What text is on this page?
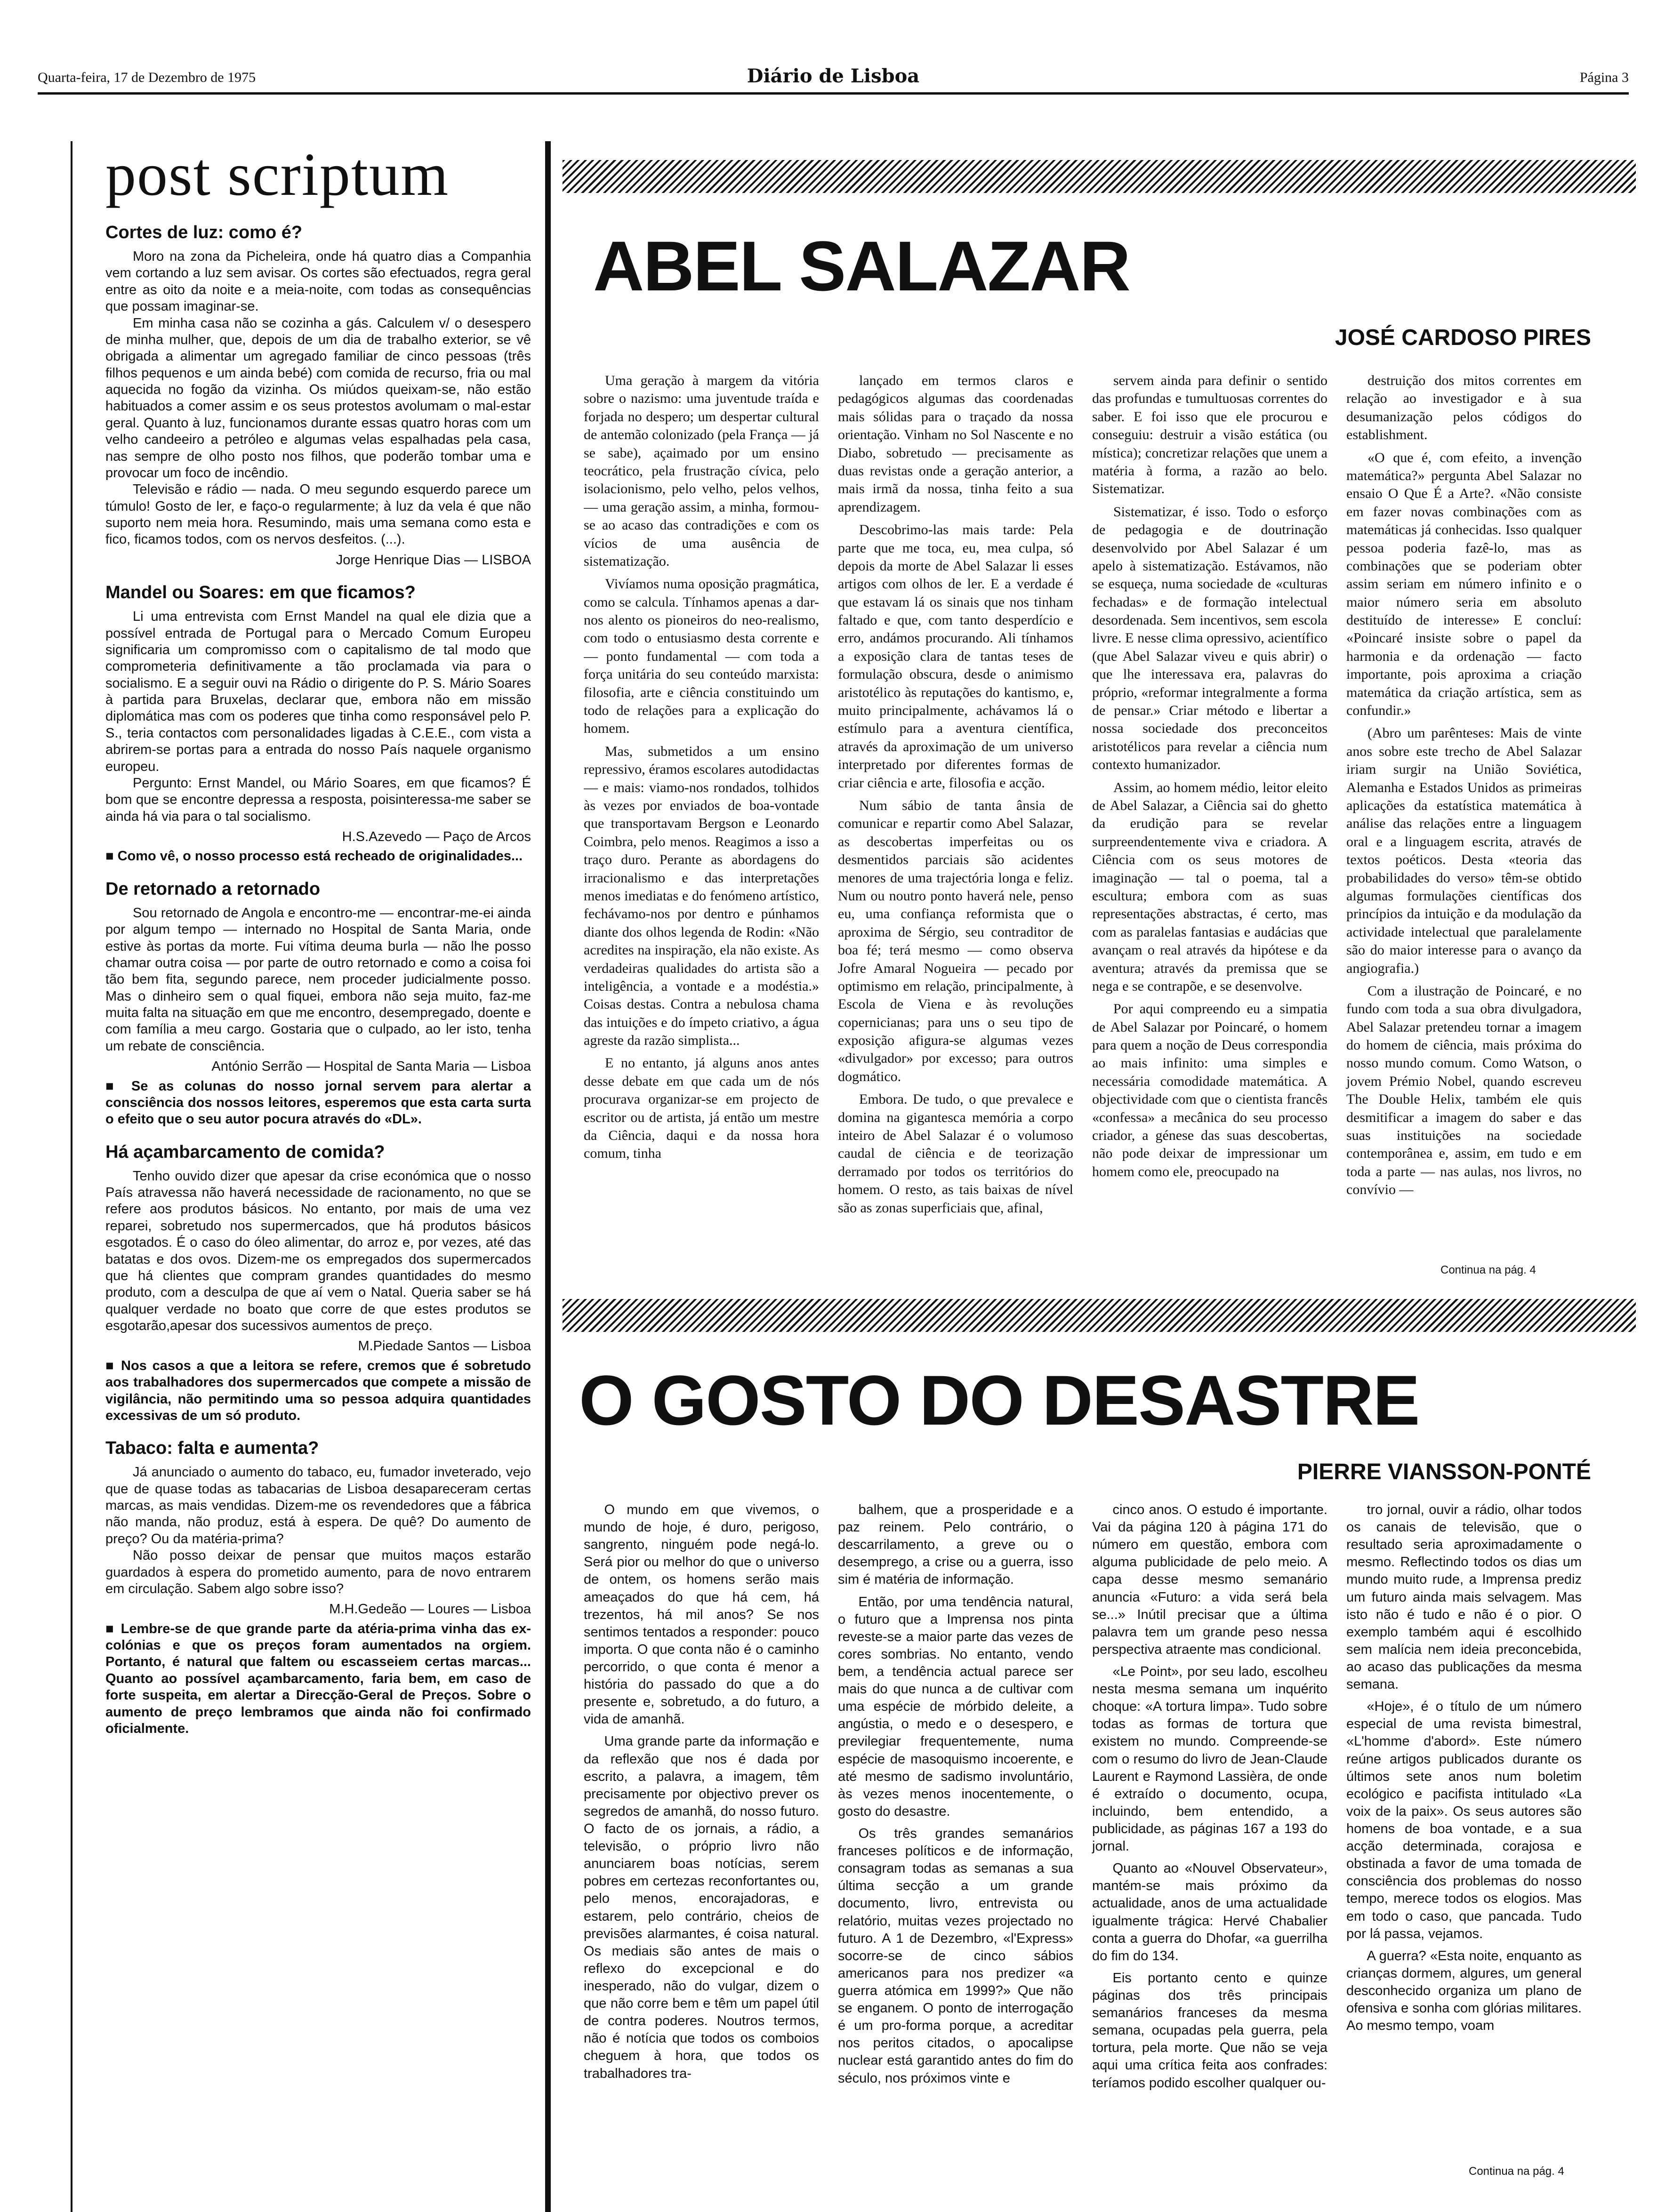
Quarta-feira, 17 de Dezembro de 1975	Diário de Lisboa	Página 3
post scriptum
Cortes de luz: como é?

Moro na zona da Picheleira, onde há quatro dias a Companhia vem cortando a luz sem avisar. Os cortes são efectuados, regra geral entre as oito da noite e a meia-noite, com todas as consequências que possam imaginar-se.

Em minha casa não se cozinha a gás. Calculem v/ o desespero de minha mulher, que, depois de um dia de trabalho exterior, se vê obrigada a alimentar um agregado familiar de cinco pessoas (três filhos pequenos e um ainda bebé) com comida de recurso, fria ou mal aquecida no fogão da vizinha. Os miúdos queixam-se, não estão habituados a comer assim e os seus protestos avolumam o mal-estar geral. Quanto à luz, funcionamos durante essas quatro horas com um velho candeeiro a petróleo e algumas velas espalhadas pela casa, nas sempre de olho posto nos filhos, que poderão tombar uma e provocar um foco de incêndio.

Televisão e rádio — nada. O meu segundo esquerdo parece um túmulo! Gosto de ler, e faço-o regularmente; à luz da vela é que não suporto nem meia hora. Resumindo, mais uma semana como esta e fico, ficamos todos, com os nervos desfeitos. (...).

Jorge Henrique Dias — LISBOA

Mandel ou Soares: em que ficamos?

Li uma entrevista com Ernst Mandel na qual ele dizia que a possível entrada de Portugal para o Mercado Comum Europeu significaria um compromisso com o capitalismo de tal modo que comprometeria definitivamente a tão proclamada via para o socialismo. E a seguir ouvi na Rádio o dirigente do P. S. Mário Soares à partida para Bruxelas, declarar que, embora não em missão diplomática mas com os poderes que tinha como responsável pelo P. S., teria contactos com personalidades ligadas à C.E.E., com vista a abrirem-se portas para a entrada do nosso País naquele organismo europeu.

Pergunto: Ernst Mandel, ou Mário Soares, em que ficamos? É bom que se encontre depressa a resposta, poisinteressa-me saber se ainda há via para o tal socialismo.

H.S.Azevedo — Paço de Arcos

■ Como vê, o nosso processo está recheado de originalidades...

De retornado a retornado

Sou retornado de Angola e encontro-me — encontrar-me-ei ainda por algum tempo — internado no Hospital de Santa Maria, onde estive às portas da morte. Fui vítima deuma burla — não lhe posso chamar outra coisa — por parte de outro retornado e como a coisa foi tão bem fita, segundo parece, nem proceder judicialmente posso. Mas o dinheiro sem o qual fiquei, embora não seja muito, faz-me muita falta na situação em que me encontro, desempregado, doente e com família a meu cargo. Gostaria que o culpado, ao ler isto, tenha um rebate de consciência.

António Serrão — Hospital de Santa Maria — Lisboa

■ Se as colunas do nosso jornal servem para alertar a consciência dos nossos leitores, esperemos que esta carta surta o efeito que o seu autor pocura através do «DL».

Há açambarcamento de comida?

Tenho ouvido dizer que apesar da crise económica que o nosso País atravessa não haverá necessidade de racionamento, no que se refere aos produtos básicos. No entanto, por mais de uma vez reparei, sobretudo nos supermercados, que há produtos básicos esgotados. É o caso do óleo alimentar, do arroz e, por vezes, até das batatas e dos ovos. Dizem-me os empregados dos supermercados que há clientes que compram grandes quantidades do mesmo produto, com a desculpa de que aí vem o Natal. Queria saber se há qualquer verdade no boato que corre de que estes produtos se esgotarão,apesar dos sucessivos aumentos de preço.

M.Piedade Santos — Lisboa

■ Nos casos a que a leitora se refere, cremos que é sobretudo aos trabalhadores dos supermercados que compete a missão de vigilância, não permitindo uma so pessoa adquira quantidades excessivas de um só produto.

Tabaco: falta e aumenta?

Já anunciado o aumento do tabaco, eu, fumador inveterado, vejo que de quase todas as tabacarias de Lisboa desapareceram certas marcas, as mais vendidas. Dizem-me os revendedores que a fábrica não manda, não produz, está à espera. De quê? Do aumento de preço? Ou da matéria-prima?

Não posso deixar de pensar que muitos maços estarão guardados à espera do prometido aumento, para de novo entrarem em circulação. Sabem algo sobre isso?

M.H.Gedeão — Loures — Lisboa

■ Lembre-se de que grande parte da atéria-prima vinha das ex-colónias e que os preços foram aumentados na orgiem. Portanto, é natural que faltem ou escasseiem certas marcas... Quanto ao possível açambarcamento, faria bem, em caso de forte suspeita, em alertar a Direcção-Geral de Preços. Sobre o aumento de preço lembramos que ainda não foi confirmado oficialmente.

ABEL SALAZAR
JOSÉ CARDOSO PIRES

Uma geração à margem da vitória sobre o nazismo: uma juventude traída e forjada no despero; um despertar cultural de antemão colonizado (pela França — já se sabe), açaimado por um ensino teocrático, pela frustração cívica, pelo isolacionismo, pelo velho, pelos velhos, — uma geração assim, a minha, formou-se ao acaso das contradições e com os vícios de uma ausência de sistematização.

Vivíamos numa oposição pragmática, como se calcula. Tínhamos apenas a dar-nos alento os pioneiros do neo-realismo, com todo o entusiasmo desta corrente e — ponto fundamental — com toda a força unitária do seu conteúdo marxista: filosofia, arte e ciência constituindo um todo de relações para a explicação do homem.

Mas, submetidos a um ensino repressivo, éramos escolares autodidactas — e mais: viamo-nos rondados, tolhidos às vezes por enviados de boa-vontade que transportavam Bergson e Leonardo Coimbra, pelo menos. Reagimos a isso a traço duro. Perante as abordagens do irracionalismo e das interpretações menos imediatas e do fenómeno artístico, fechávamo-nos por dentro e púnhamos diante dos olhos legenda de Rodin: «Não acredites na inspiração, ela não existe. As verdadeiras qualidades do artista são a inteligência, a vontade e a modéstia.» Coisas destas. Contra a nebulosa chama das intuições e do ímpeto criativo, a água agreste da razão simplista...

E no entanto, já alguns anos antes desse debate em que cada um de nós procurava organizar-se em projecto de escritor ou de artista, já então um mestre da Ciência, daqui e da nossa hora comum, tinha

lançado em termos claros e pedagógicos algumas das coordenadas mais sólidas para o traçado da nossa orientação. Vinham no Sol Nascente e no Diabo, sobretudo — precisamente as duas revistas onde a geração anterior, a mais irmã da nossa, tinha feito a sua aprendizagem.

Descobrimo-las mais tarde: Pela parte que me toca, eu, mea culpa, só depois da morte de Abel Salazar li esses artigos com olhos de ler. E a verdade é que estavam lá os sinais que nos tinham faltado e que, com tanto desperdício e erro, andámos procurando. Ali tínhamos a exposição clara de tantas teses de formulação obscura, desde o animismo aristotélico às reputações do kantismo, e, muito principalmente, achávamos lá o estímulo para a aventura científica, através da aproximação de um universo interpretado por diferentes formas de criar ciência e arte, filosofia e acção.

Num sábio de tanta ânsia de comunicar e repartir como Abel Salazar, as descobertas imperfeitas ou os desmentidos parciais são acidentes menores de uma trajectória longa e feliz. Num ou noutro ponto haverá nele, penso eu, uma confiança reformista que o aproxima de Sérgio, seu contraditor de boa fé; terá mesmo — como observa Jofre Amaral Nogueira — pecado por optimismo em relação, principalmente, à Escola de Viena e às revoluções copernicianas; para uns o seu tipo de exposição afigura-se algumas vezes «divulgador» por excesso; para outros dogmático.

Embora. De tudo, o que prevalece e domina na gigantesca memória a corpo inteiro de Abel Salazar é o volumoso caudal de ciência e de teorização derramado por todos os territórios do homem. O resto, as tais baixas de nível são as zonas superficiais que, afinal,

servem ainda para definir o sentido das profundas e tumultuosas correntes do saber. E foi isso que ele procurou e conseguiu: destruir a visão estática (ou mística); concretizar relações que unem a matéria à forma, a razão ao belo. Sistematizar.

Sistematizar, é isso. Todo o esforço de pedagogia e de doutrinação desenvolvido por Abel Salazar é um apelo à sistematização. Estávamos, não se esqueça, numa sociedade de «culturas fechadas» e de formação intelectual desordenada. Sem incentivos, sem escola livre. E nesse clima opressivo, acientífico (que Abel Salazar viveu e quis abrir) o que lhe interessava era, palavras do próprio, «reformar integralmente a forma de pensar.» Criar método e libertar a nossa sociedade dos preconceitos aristotélicos para revelar a ciência num contexto humanizador.

Assim, ao homem médio, leitor eleito de Abel Salazar, a Ciência sai do ghetto da erudição para se revelar surpreendentemente viva e criadora. A Ciência com os seus motores de imaginação — tal o poema, tal a escultura; embora com as suas representações abstractas, é certo, mas com as paralelas fantasias e audácias que avançam o real através da hipótese e da aventura; através da premissa que se nega e se contrapõe, e se desenvolve.

Por aqui compreendo eu a simpatia de Abel Salazar por Poincaré, o homem para quem a noção de Deus correspondia ao mais infinito: uma simples e necessária comodidade matemática. A objectividade com que o cientista francês «confessa» a mecânica do seu processo criador, a génese das suas descobertas, não pode deixar de impressionar um homem como ele, preocupado na

destruição dos mitos correntes em relação ao investigador e à sua desumanização pelos códigos do establishment.

«O que é, com efeito, a invenção matemática?» pergunta Abel Salazar no ensaio O Que É a Arte?. «Não consiste em fazer novas combinações com as matemáticas já conhecidas. Isso qualquer pessoa poderia fazê-lo, mas as combinações que se poderiam obter assim seriam em número infinito e o maior número seria em absoluto destituído de interesse» E concluí: «Poincaré insiste sobre o papel da harmonia e da ordenação — facto importante, pois aproxima a criação matemática da criação artística, sem as confundir.»

(Abro um parênteses: Mais de vinte anos sobre este trecho de Abel Salazar iriam surgir na União Soviética, Alemanha e Estados Unidos as primeiras aplicações da estatística matemática à análise das relações entre a linguagem oral e a linguagem escrita, através de textos poéticos. Desta «teoria das probabilidades do verso» têm-se obtido algumas formulações científicas dos princípios da intuição e da modulação da actividade intelectual que paralelamente são do maior interesse para o avanço da angiografia.)

Com a ilustração de Poincaré, e no fundo com toda a sua obra divulgadora, Abel Salazar pretendeu tornar a imagem do homem de ciência, mais próxima do nosso mundo comum. Como Watson, o jovem Prémio Nobel, quando escreveu The Double Helix, também ele quis desmitificar a imagem do saber e das suas instituições na sociedade contemporânea e, assim, em tudo e em toda a parte — nas aulas, nos livros, no convívio —

Continua na pág. 4
O GOSTO DO DESASTRE
PIERRE VIANSSON-PONTÉ

O mundo em que vivemos, o mundo de hoje, é duro, perigoso, sangrento, ninguém pode negá-lo. Será pior ou melhor do que o universo de ontem, os homens serão mais ameaçados do que há cem, há trezentos, há mil anos? Se nos sentimos tentados a responder: pouco importa. O que conta não é o caminho percorrido, o que conta é menor a história do passado do que a do presente e, sobretudo, a do futuro, a vida de amanhã.

Uma grande parte da informação e da reflexão que nos é dada por escrito, a palavra, a imagem, têm precisamente por objectivo prever os segredos de amanhã, do nosso futuro. O facto de os jornais, a rádio, a televisão, o próprio livro não anunciarem boas notícias, serem pobres em certezas reconfortantes ou, pelo menos, encorajadoras, e estarem, pelo contrário, cheios de previsões alarmantes, é coisa natural. Os mediais são antes de mais o reflexo do excepcional e do inesperado, não do vulgar, dizem o que não corre bem e têm um papel útil de contra poderes. Noutros termos, não é notícia que todos os comboios cheguem à hora, que todos os trabalhadores tra-

balhem, que a prosperidade e a paz reinem. Pelo contrário, o descarrilamento, a greve ou o desemprego, a crise ou a guerra, isso sim é matéria de informação.

Então, por uma tendência natural, o futuro que a Imprensa nos pinta reveste-se a maior parte das vezes de cores sombrias. No entanto, vendo bem, a tendência actual parece ser mais do que nunca a de cultivar com uma espécie de mórbido deleite, a angústia, o medo e o desespero, e previlegiar frequentemente, numa espécie de masoquismo incoerente, e até mesmo de sadismo involuntário, às vezes menos inocentemente, o gosto do desastre.

Os três grandes semanários franceses políticos e de informação, consagram todas as semanas a sua última secção a um grande documento, livro, entrevista ou relatório, muitas vezes projectado no futuro. A 1 de Dezembro, «l'Express» socorre-se de cinco sábios americanos para nos predizer «a guerra atómica em 1999?» Que não se enganem. O ponto de interrogação é um pro-forma porque, a acreditar nos peritos citados, o apocalipse nuclear está garantido antes do fim do século, nos próximos vinte e

cinco anos. O estudo é importante. Vai da página 120 à página 171 do número em questão, embora com alguma publicidade de pelo meio. A capa desse mesmo semanário anuncia «Futuro: a vida será bela se...» Inútil precisar que a última palavra tem um grande peso nessa perspectiva atraente mas condicional.

«Le Point», por seu lado, escolheu nesta mesma semana um inquérito choque: «A tortura limpa». Tudo sobre todas as formas de tortura que existem no mundo. Compreende-se com o resumo do livro de Jean-Claude Laurent e Raymond Lassièra, de onde é extraído o documento, ocupa, incluindo, bem entendido, a publicidade, as páginas 167 a 193 do jornal.

Quanto ao «Nouvel Observateur», mantém-se mais próximo da actualidade, anos de uma actualidade igualmente trágica: Hervé Chabalier conta a guerra do Dhofar, «a guerrilha do fim do 134.

Eis portanto cento e quinze páginas dos três principais semanários franceses da mesma semana, ocupadas pela guerra, pela tortura, pela morte. Que não se veja aqui uma crítica feita aos confrades: teríamos podido escolher qualquer ou-

tro jornal, ouvir a rádio, olhar todos os canais de televisão, que o resultado seria aproximadamente o mesmo. Reflectindo todos os dias um mundo muito rude, a Imprensa prediz um futuro ainda mais selvagem. Mas isto não é tudo e não é o pior. O exemplo também aqui é escolhido sem malícia nem ideia preconcebida, ao acaso das publicações da mesma semana.

«Hoje», é o título de um número especial de uma revista bimestral, «L'homme d'abord». Este número reúne artigos publicados durante os últimos sete anos num boletim ecológico e pacifista intitulado «La voix de la paix». Os seus autores são homens de boa vontade, e a sua acção determinada, corajosa e obstinada a favor de uma tomada de consciência dos problemas do nosso tempo, merece todos os elogios. Mas em todo o caso, que pancada. Tudo por lá passa, vejamos.

A guerra? «Esta noite, enquanto as crianças dormem, algures, um general desconhecido organiza um plano de ofensiva e sonha com glórias militares. Ao mesmo tempo, voam

Continua na pág. 4
